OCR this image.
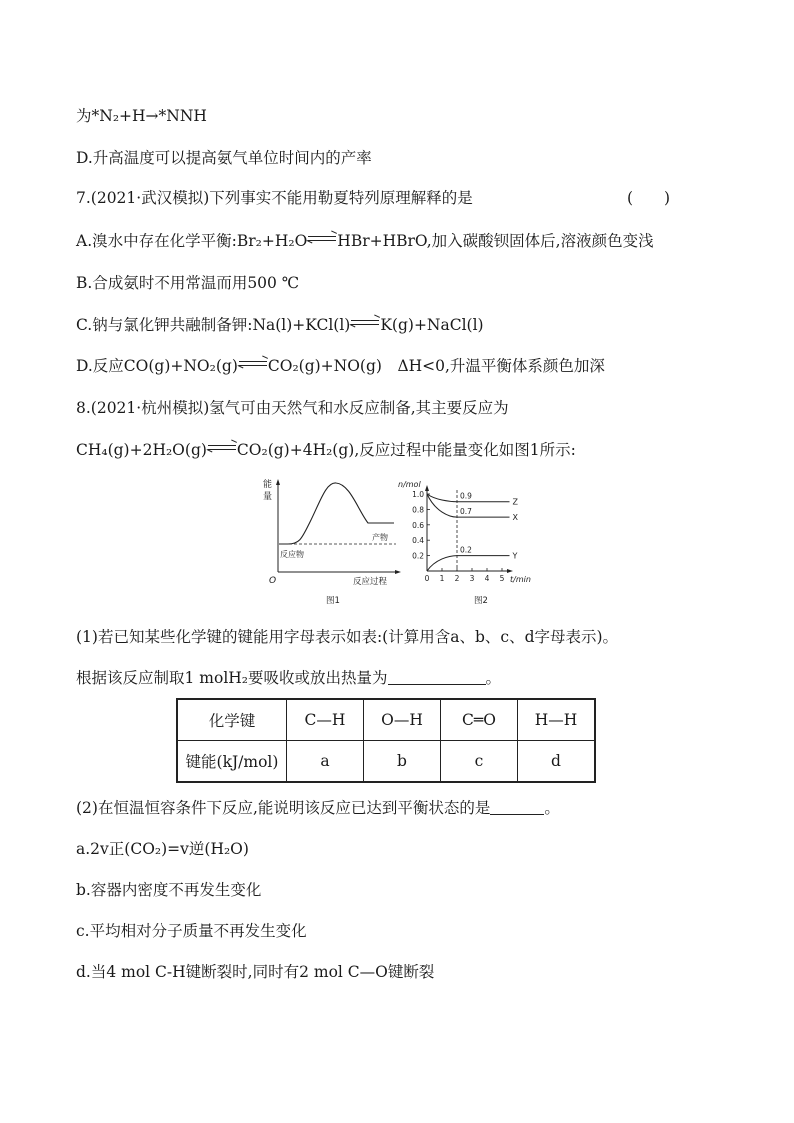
为*N₂+H→*NNH
D.升高温度可以提高氨气单位时间内的产率
7.(2021·武汉模拟)下列事实不能用勒夏特列原理解释的是	(　　)
A.溴水中存在化学平衡:Br₂+H₂O HBr+HBrO,加入碳酸钡固体后,溶液颜色变浅
B.合成氨时不用常温而用500 ℃
C.钠与氯化钾共融制备钾:Na(l)+KCl(l) K(g)+NaCl(l)
D.反应CO(g)+NO₂(g) CO₂(g)+NO(g)　ΔH<0,升温平衡体系颜色加深
8.(2021·杭州模拟)氢气可由天然气和水反应制备,其主要反应为
CH₄(g)+2H₂O(g) CO₂(g)+4H₂(g),反应过程中能量变化如图1所示:
能
量
产物
反应物
O	反应过程
图1
n/mol
1.0
0.8
0.6
0.4
0.2
0 1 2 3 4 5
0.9
Z
0.7
X
0.2
Y
t/min
图2
(1)若已知某些化学键的键能用字母表示如表:(计算用含a、b、c、d字母表示)。
根据该反应制取1 molH₂要吸收或放出热量为	。
化学键	C—H	O—H	C═O	H—H
键能(kJ/mol)	a	b	c	d
(2)在恒温恒容条件下反应,能说明该反应已达到平衡状态的是	。
a.2v正(CO₂)=v逆(H₂O)
b.容器内密度不再发生变化
c.平均相对分子质量不再发生变化
d.当4 mol C-H键断裂时,同时有2 mol C—O键断裂
